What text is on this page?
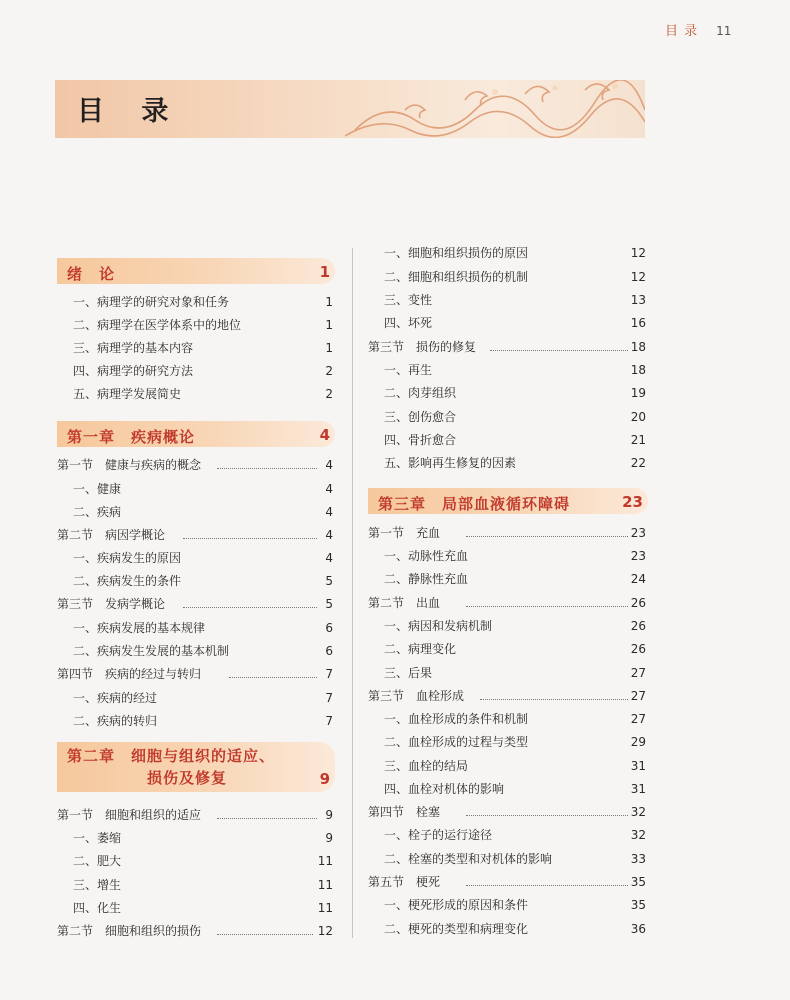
目 录 11
目 录
绪　论	1
一、病理学的研究对象和任务	1
二、病理学在医学体系中的地位	1
三、病理学的基本内容	1
四、病理学的研究方法	2
五、病理学发展简史	2
第一章　疾病概论	4
第一节　健康与疾病的概念	4
一、健康	4
二、疾病	4
第二节　病因学概论	4
一、疾病发生的原因	4
二、疾病发生的条件	5
第三节　发病学概论	5
一、疾病发展的基本规律	6
二、疾病发生发展的基本机制	6
第四节　疾病的经过与转归	7
一、疾病的经过	7
二、疾病的转归	7
第二章　细胞与组织的适应、
损伤及修复	9
第一节　细胞和组织的适应	9
一、萎缩	9
二、肥大	11
三、增生	11
四、化生	11
第二节　细胞和组织的损伤	12
一、细胞和组织损伤的原因	12
二、细胞和组织损伤的机制	12
三、变性	13
四、坏死	16
第三节　损伤的修复	18
一、再生	18
二、肉芽组织	19
三、创伤愈合	20
四、骨折愈合	21
五、影响再生修复的因素	22
第三章　局部血液循环障碍	23
第一节　充血	23
一、动脉性充血	23
二、静脉性充血	24
第二节　出血	26
一、病因和发病机制	26
二、病理变化	26
三、后果	27
第三节　血栓形成	27
一、血栓形成的条件和机制	27
二、血栓形成的过程与类型	29
三、血栓的结局	31
四、血栓对机体的影响	31
第四节　栓塞	32
一、栓子的运行途径	32
二、栓塞的类型和对机体的影响	33
第五节　梗死	35
一、梗死形成的原因和条件	35
二、梗死的类型和病理变化	36
